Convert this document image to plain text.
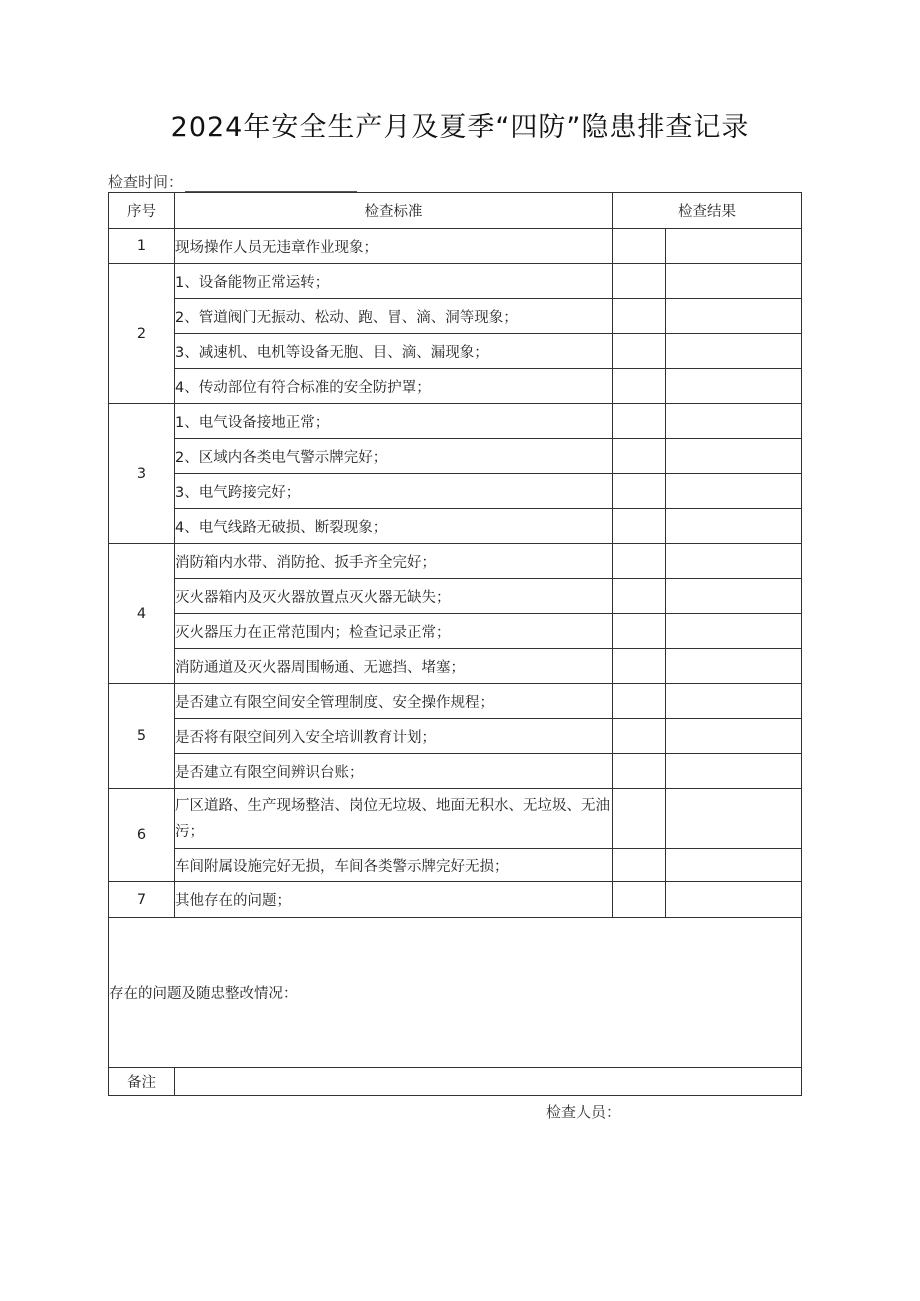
2024年安全生产月及夏季“四防”隐患排查记录
检查时间：
序号	检查标准	检查结果	
1	现场操作人员无违章作业现象；		
2	1、设备能物正常运转；		
	2、管道阀门无振动、松动、跑、冒、滴、洞等现象；		
	3、减速机、电机等设备无胞、目、滴、漏现象；		
	4、传动部位有符合标准的安全防护罩；		
3	1、电气设备接地正常；		
	2、区域内各类电气警示牌完好；		
	3、电气跨接完好；		
	4、电气线路无破损、断裂现象；		
4	消防箱内水带、消防抢、扳手齐全完好；		
	灭火器箱内及灭火器放置点灭火器无缺失；		
	灭火器压力在正常范围内；检查记录正常；		
	消防通道及灭火器周围畅通、无遮挡、堵塞；		
5	是否建立有限空间安全管理制度、安全操作规程；		
	是否将有限空间列入安全培训教育计划；		
	是否建立有限空间辨识台账；		
6	厂区道路、生产现场整洁、岗位无垃圾、地面无积水、无垃圾、无油污；		
	车间附属设施完好无损，车间各类警示牌完好无损；		
7	其他存在的问题；		
存在的问题及随忠整改情况：			
备注			
检查人员：
